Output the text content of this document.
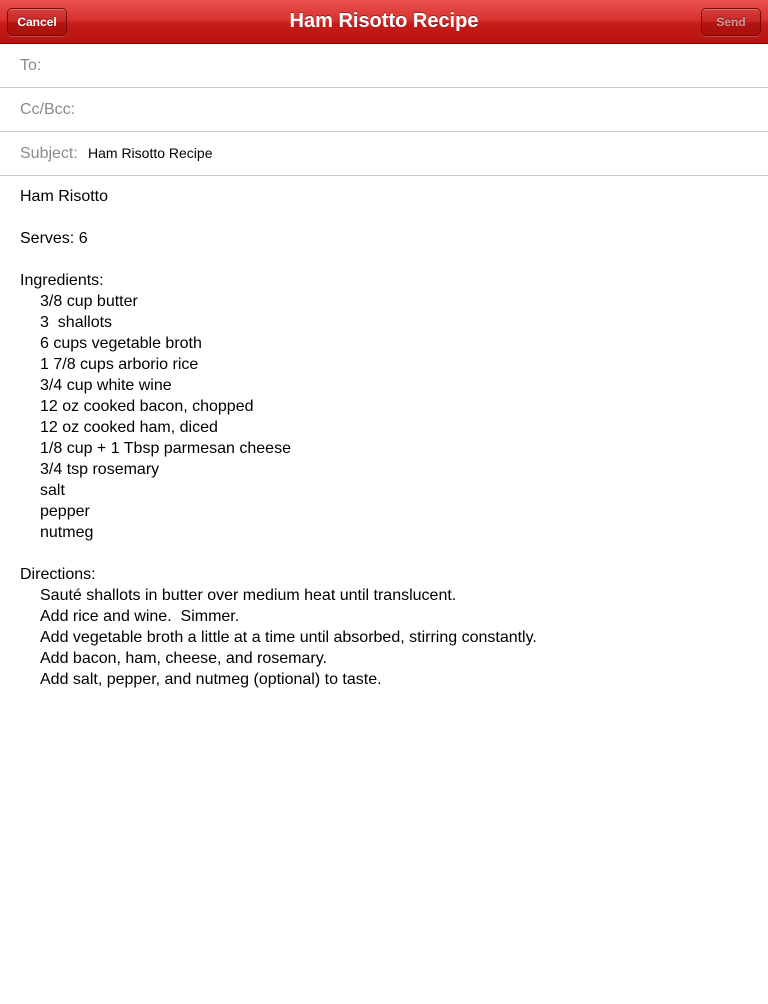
Cancel	Ham Risotto Recipe	Send
To:
Cc/Bcc:
Subject: Ham Risotto Recipe
Ham Risotto
Serves: 6
Ingredients:
3/8 cup butter
3  shallots
6 cups vegetable broth
1 7/8 cups arborio rice
3/4 cup white wine
12 oz cooked bacon, chopped
12 oz cooked ham, diced
1/8 cup + 1 Tbsp parmesan cheese
3/4 tsp rosemary
salt
pepper
nutmeg
Directions:
Sauté shallots in butter over medium heat until translucent.
Add rice and wine.  Simmer.
Add vegetable broth a little at a time until absorbed, stirring constantly.
Add bacon, ham, cheese, and rosemary.
Add salt, pepper, and nutmeg (optional) to taste.
